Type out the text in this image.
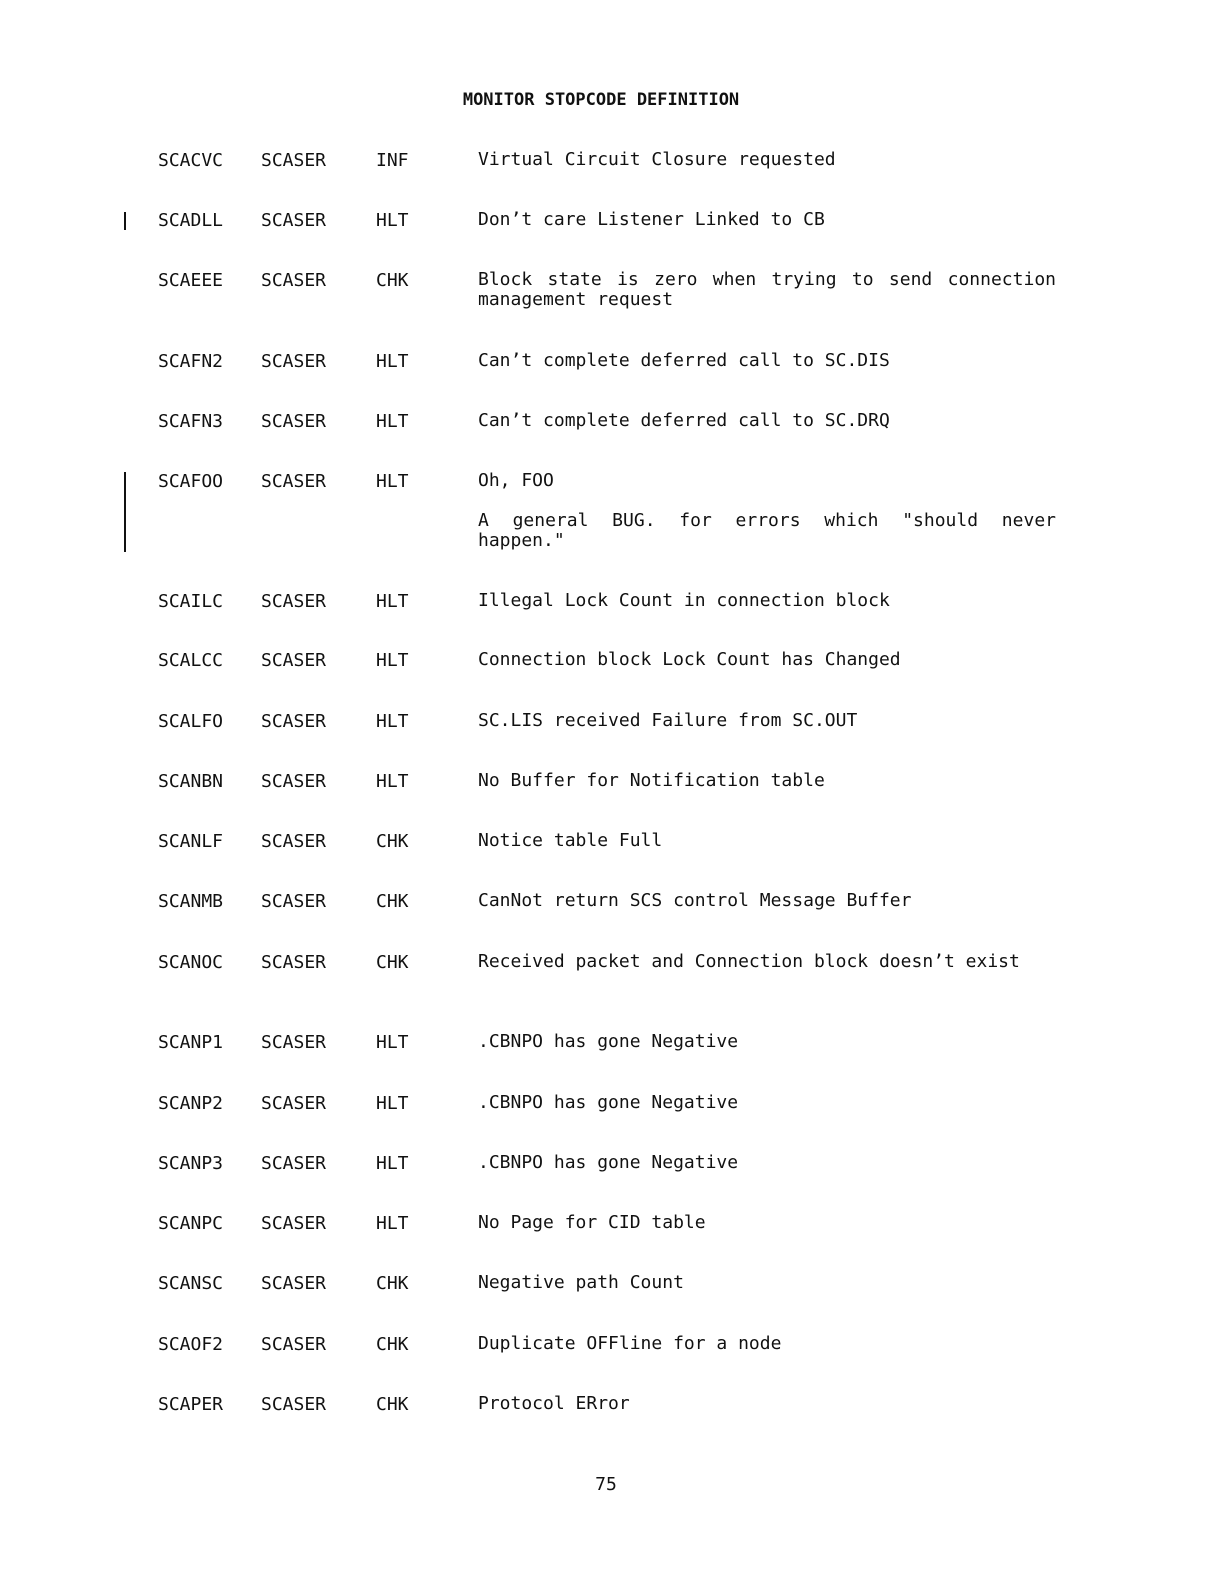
MONITOR STOPCODE DEFINITION
SCACVC SCASER	INF	Virtual Circuit Closure requested

SCADLL SCASER	HLT	Don’t care Listener Linked to CB

SCAEEE SCASER	CHK	Block state is zero when trying to send connection management request

SCAFN2 SCASER	HLT	Can’t complete deferred call to SC.DIS

SCAFN3 SCASER	HLT	Can’t complete deferred call to SC.DRQ

SCAFOO SCASER	HLT	Oh, FOO

A general BUG. for errors which "should never happen."

SCAILC SCASER	HLT	Illegal Lock Count in connection block

SCALCC SCASER	HLT	Connection block Lock Count has Changed

SCALFO SCASER	HLT	SC.LIS received Failure from SC.OUT

SCANBN SCASER	HLT	No Buffer for Notification table

SCANLF SCASER	CHK	Notice table Full

SCANMB SCASER	CHK	CanNot return SCS control Message Buffer

SCANOC SCASER	CHK	Received packet and Connection block doesn’t exist

SCANP1 SCASER	HLT	.CBNPO has gone Negative

SCANP2 SCASER	HLT	.CBNPO has gone Negative

SCANP3 SCASER	HLT	.CBNPO has gone Negative

SCANPC SCASER	HLT	No Page for CID table

SCANSC SCASER	CHK	Negative path Count

SCAOF2 SCASER	CHK	Duplicate OFFline for a node

SCAPER SCASER	CHK	Protocol ERror

75
